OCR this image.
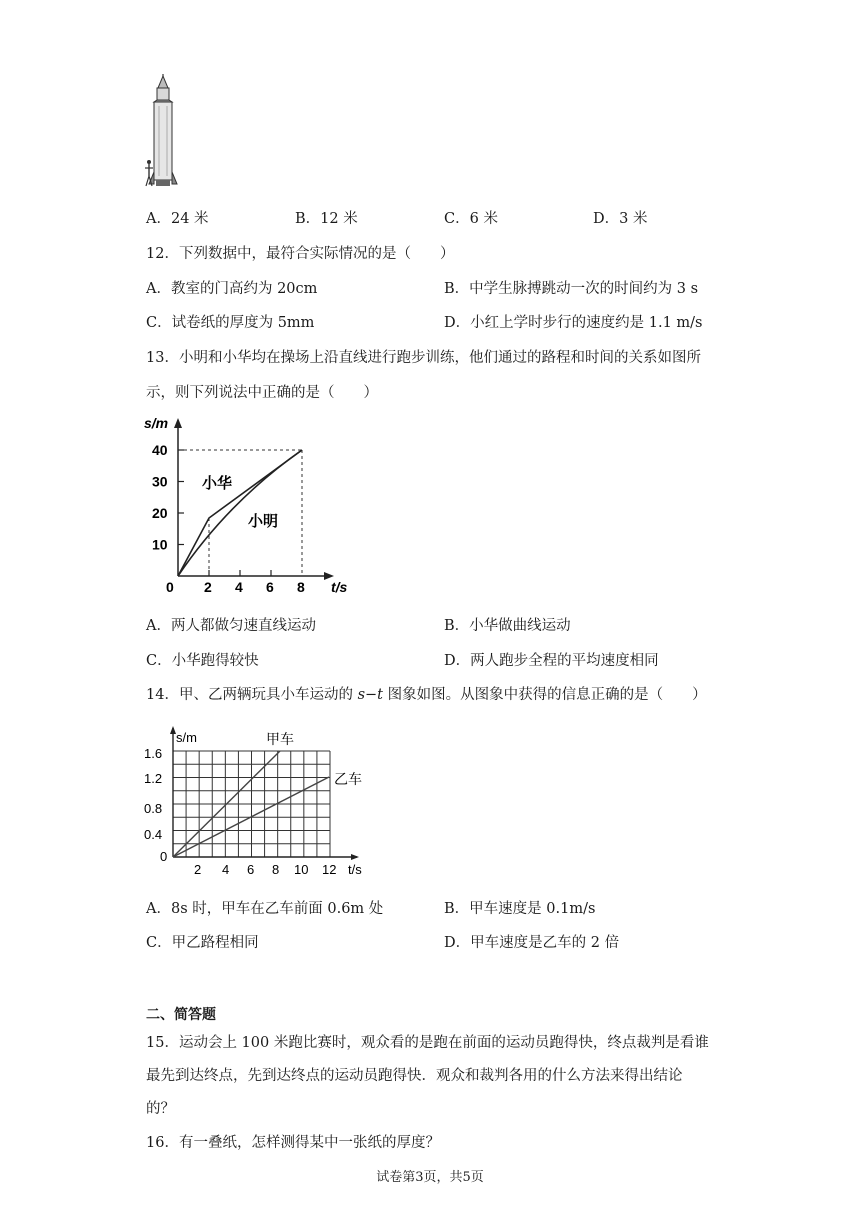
A．24 米	B．12 米	C．6 米	D．3 米
12．下列数据中，最符合实际情况的是（　　）
A．教室的门高约为 20cm	B．中学生脉搏跳动一次的时间约为 3 s
C．试卷纸的厚度为 5mm	D．小红上学时步行的速度约是 1.1 m/s
13．小明和小华均在操场上沿直线进行跑步训练，他们通过的路程和时间的关系如图所
示，则下列说法中正确的是（　　）
s/m
t/s
40
30
20
10
0 2 4 6 8
小华
小明
A．两人都做匀速直线运动	B．小华做曲线运动
C．小华跑得较快	D．两人跑步全程的平均速度相同
14．甲、乙两辆玩具小车运动的 s−t 图象如图。从图象中获得的信息正确的是（　　）
s/m
t/s
1.6
1.2
0.8
0.4
0
2 4 6 8 10 12
甲车
乙车
A．8s 时，甲车在乙车前面 0.6m 处	B．甲车速度是 0.1m/s
C．甲乙路程相同	D．甲车速度是乙车的 2 倍
二、简答题
15．运动会上 100 米跑比赛时，观众看的是跑在前面的运动员跑得快，终点裁判是看谁
最先到达终点，先到达终点的运动员跑得快．观众和裁判各用的什么方法来得出结论
的？
16．有一叠纸，怎样测得某中一张纸的厚度？
试卷第3页，共5页
